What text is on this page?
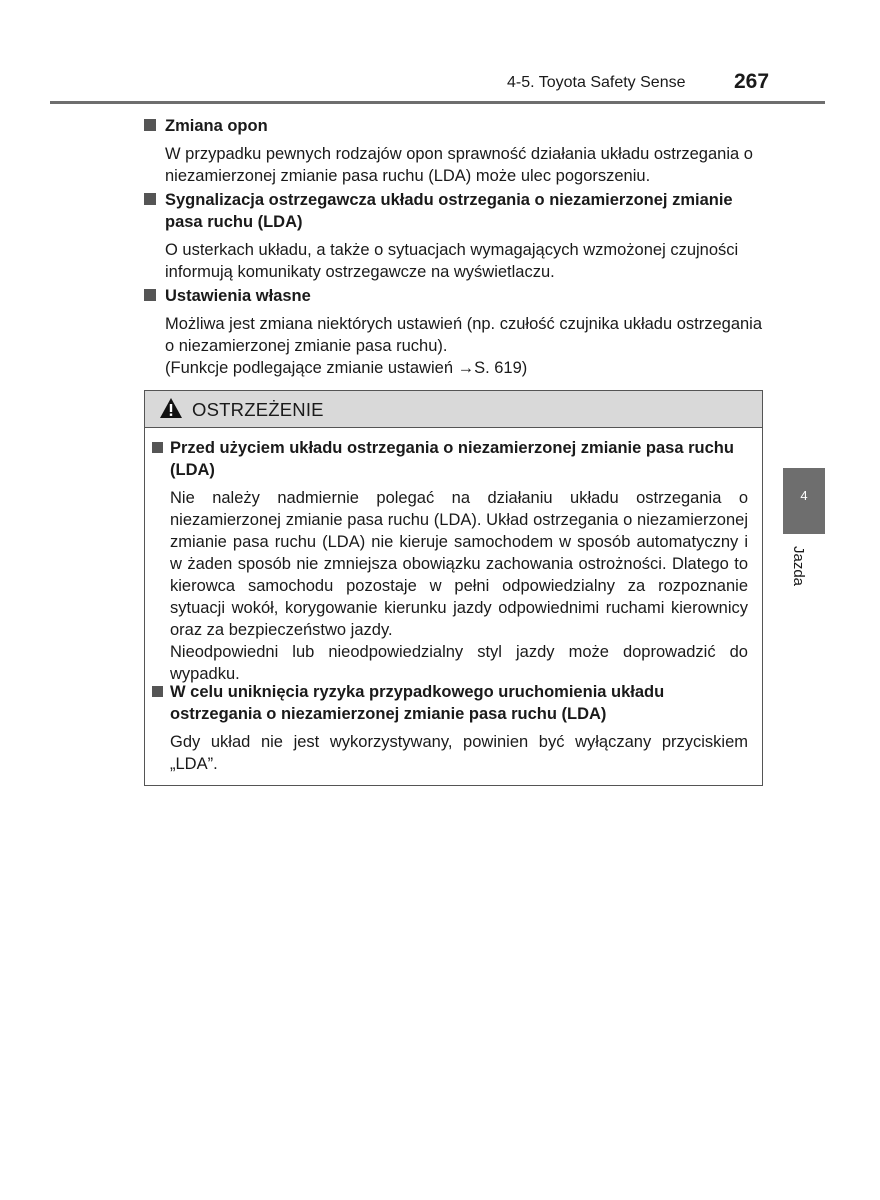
4-5. Toyota Safety Sense 267
Zmiana opon

W przypadku pewnych rodzajów opon sprawność działania układu ostrzegania o niezamierzonej zmianie pasa ruchu (LDA) może ulec pogorszeniu.

Sygnalizacja ostrzegawcza układu ostrzegania o niezamierzonej zmianie pasa ruchu (LDA)

O usterkach układu, a także o sytuacjach wymagających wzmożonej czujności informują komunikaty ostrzegawcze na wyświetlaczu.

Ustawienia własne

Możliwa jest zmiana niektórych ustawień (np. czułość czujnika układu ostrzegania o niezamierzonej zmianie pasa ruchu).

(Funkcje podlegające zmianie ustawień →S. 619)

OSTRZEŻENIE
Przed użyciem układu ostrzegania o niezamierzonej zmianie pasa ruchu (LDA)

Nie należy nadmiernie polegać na działaniu układu ostrzegania o niezamierzonej zmianie pasa ruchu (LDA). Układ ostrzegania o niezamierzonej zmianie pasa ruchu (LDA) nie kieruje samochodem w sposób automatyczny i w żaden sposób nie zmniejsza obowiązku zachowania ostrożności. Dlatego to kierowca samochodu pozostaje w pełni odpowiedzialny za rozpoznanie sytuacji wokół, korygowanie kierunku jazdy odpowiednimi ruchami kierownicy oraz za bezpieczeństwo jazdy.

Nieodpowiedni lub nieodpowiedzialny styl jazdy może doprowadzić do wypadku.

W celu uniknięcia ryzyka przypadkowego uruchomienia układu ostrzegania o niezamierzonej zmianie pasa ruchu (LDA)

Gdy układ nie jest wykorzystywany, powinien być wyłączany przyciskiem „LDA”.

4
Jazda
